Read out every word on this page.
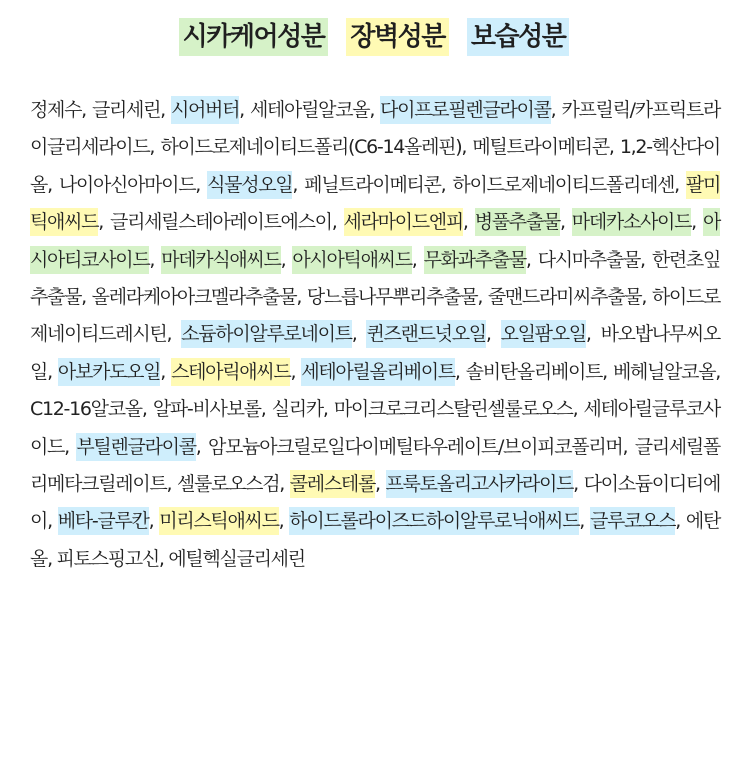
시카케어성분 장벽성분 보습성분

정제수, 글리세린, 시어버터, 세테아릴알코올, 다이프로필렌글라이콜, 카프릴릭/카프릭트라이글리세라이드, 하이드로제네이티드폴리(C6-14올레핀), 메틸트라이메티콘, 1,2-헥산다이올, 나이아신아마이드, 식물성오일, 페닐트라이메티콘, 하이드로제네이티드폴리데센, 팔미틱애씨드, 글리세릴스테아레이트에스이, 세라마이드엔피, 병풀추출물, 마데카소사이드, 아시아티코사이드, 마데카식애씨드, 아시아틱애씨드, 무화과추출물, 다시마추출물, 한련초잎추출물, 올레라케아아크멜라추출물, 당느릅나무뿌리추출물, 줄맨드라미씨추출물, 하이드로제네이티드레시틴, 소듐하이알루로네이트, 퀸즈랜드넛오일, 오일팜오일, 바오밥나무씨오일, 아보카도오일, 스테아릭애씨드, 세테아릴올리베이트, 솔비탄올리베이트, 베헤닐알코올, C12-16알코올, 알파-비사보롤, 실리카, 마이크로크리스탈린셀룰로오스, 세테아릴글루코사이드, 부틸렌글라이콜, 암모늄아크릴로일다이메틸타우레이트/브이피코폴리머, 글리세릴폴리메타크릴레이트, 셀룰로오스검, 콜레스테롤, 프룩토올리고사카라이드, 다이소듐이디티에이, 베타-글루칸, 미리스틱애씨드, 하이드롤라이즈드하이알루로닉애씨드, 글루코오스, 에탄올, 피토스핑고신, 에틸헥실글리세린
